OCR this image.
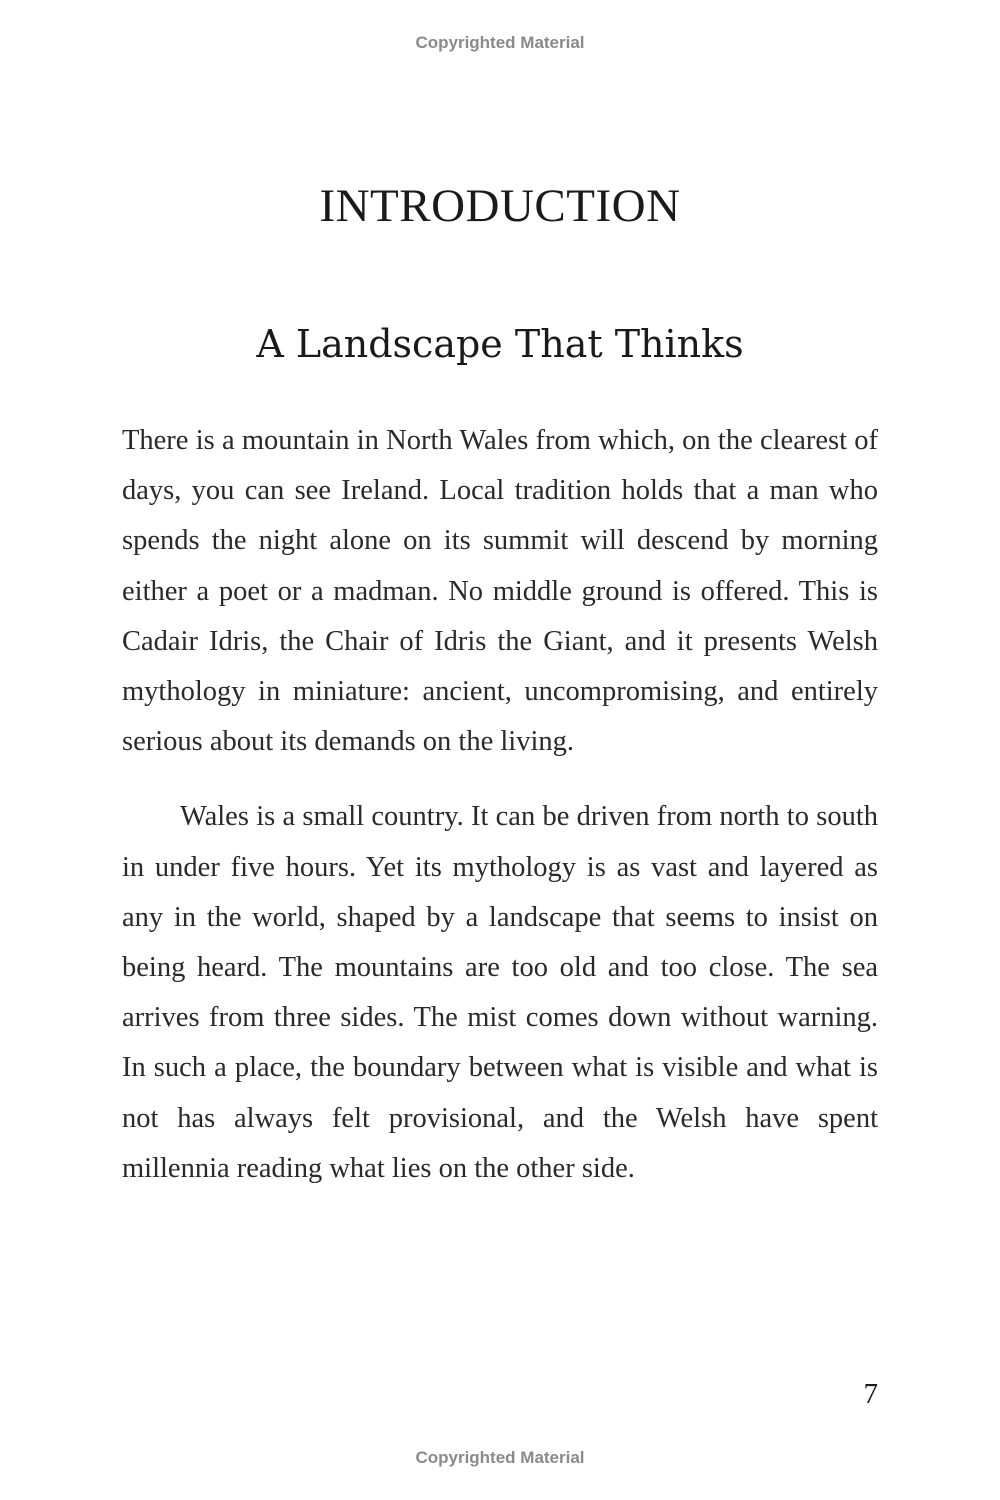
Copyrighted Material
INTRODUCTION
A Landscape That Thinks

There is a mountain in North Wales from which, on the clearest of days, you can see Ireland. Local tradition holds that a man who spends the night alone on its summit will descend by morning either a poet or a madman. No middle ground is offered. This is Cadair Idris, the Chair of Idris the Giant, and it presents Welsh mythology in miniature: ancient, uncompromising, and entirely serious about its demands on the living.

Wales is a small country. It can be driven from north to south in under five hours. Yet its mythology is as vast and layered as any in the world, shaped by a landscape that seems to insist on being heard. The mountains are too old and too close. The sea arrives from three sides. The mist comes down without warning. In such a place, the boundary between what is visible and what is not has always felt provisional, and the Welsh have spent millennia reading what lies on the other side.

7
Copyrighted Material
